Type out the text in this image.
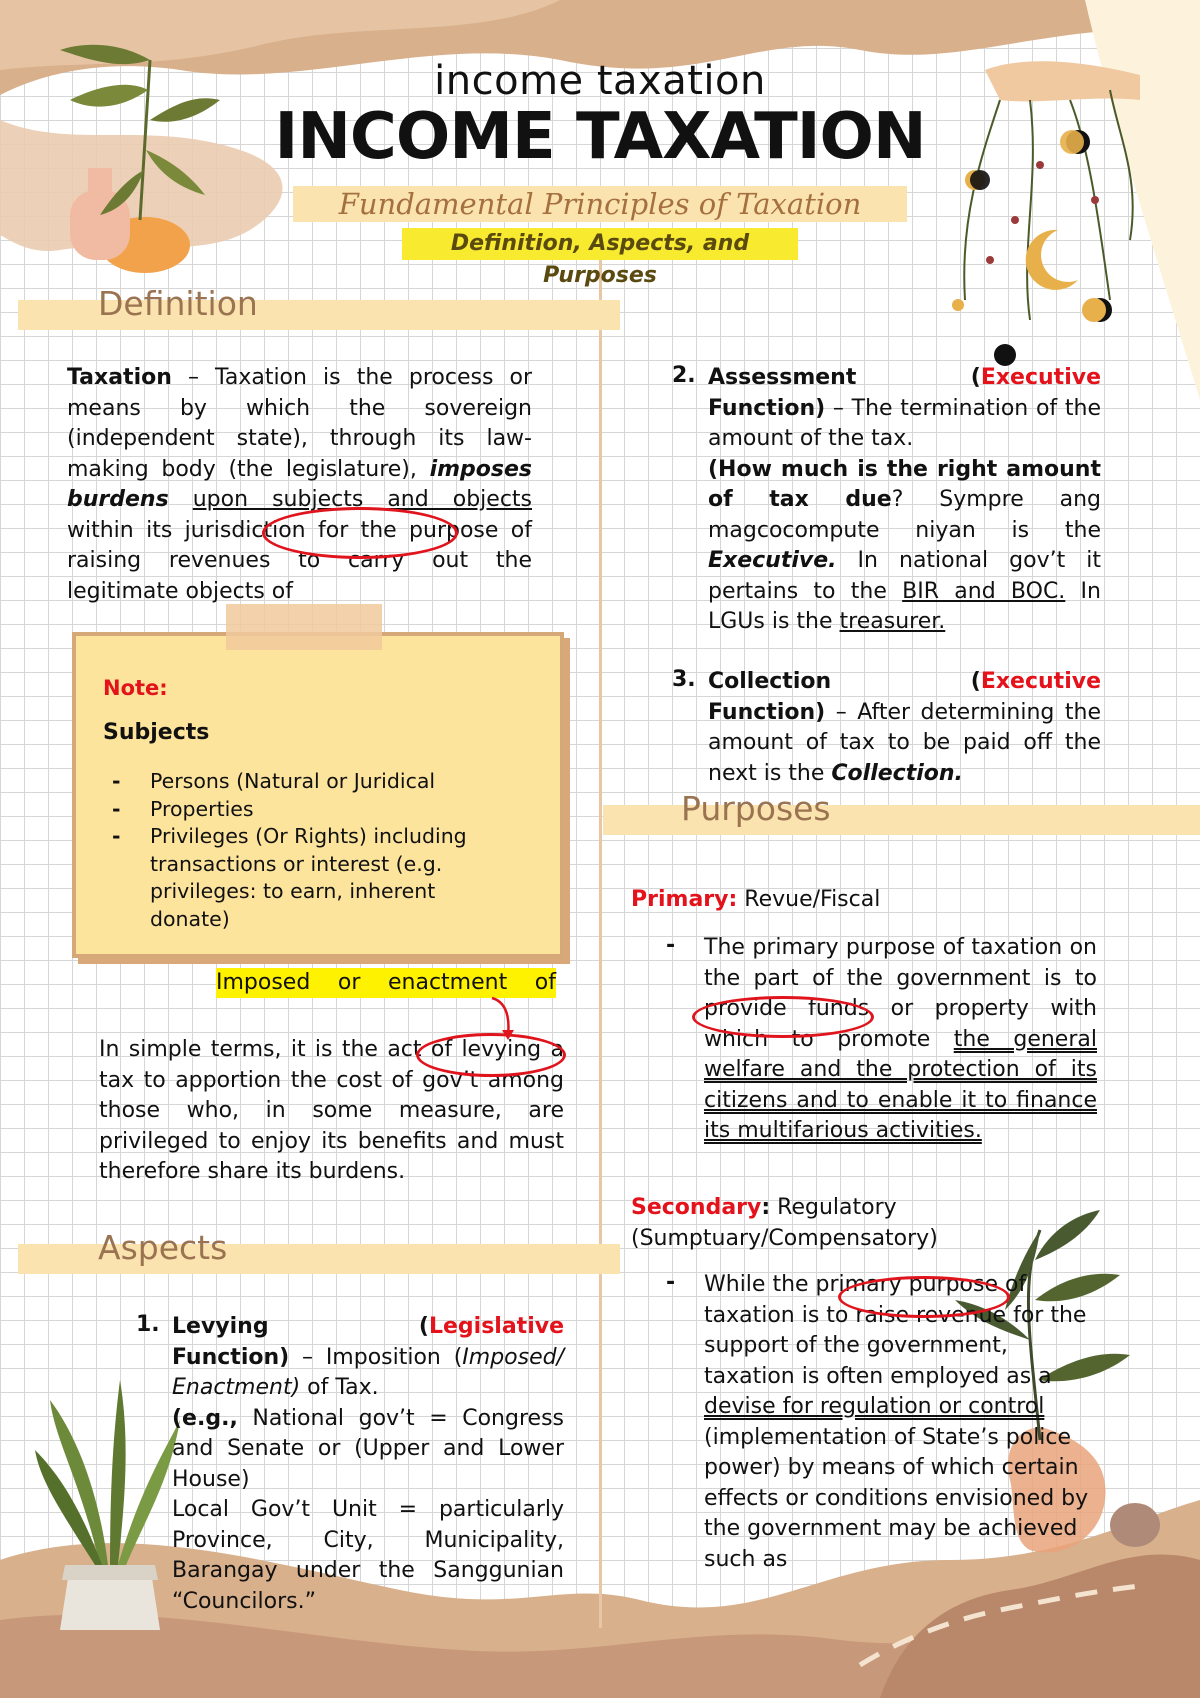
income taxation
INCOME TAXATION
Fundamental Principles of Taxation
Definition, Aspects, and Purposes
Definition
Taxation – Taxation is the process or means by which the sovereign (independent state), through its law-making body (the legislature), imposes burdens upon subjects and objects within its jurisdiction for the purpose of raising revenues to carry out the legitimate objects of
Note:
Subjects
- Persons (Natural or Juridical
- Properties
- Privileges (Or Rights) including transactions or interest (e.g. privileges: to earn, inherent donate)
Imposed or enactment of
In simple terms, it is the act of levying a tax to apportion the cost of gov’t among those who, in some measure, are privileged to enjoy its benefits and must therefore share its burdens.
Aspects
1. Levying	(Legislative
Function) – Imposition (Imposed/ Enactment) of Tax.
(e.g., National gov’t = Congress and Senate or (Upper and Lower House)
Local Gov’t Unit = particularly Province, City, Municipality, Barangay under the Sanggunian “Councilors.”
2. Assessment	(Executive
Function) – The termination of the amount of the tax.
(How much is the right amount of tax due? Sympre ang magcocompute niyan is the Executive. In national gov’t it pertains to the BIR and BOC. In LGUs is the treasurer.
3. Collection	(Executive
Function) – After determining the amount of tax to be paid off the next is the Collection.
Purposes
Primary: Revue/Fiscal
- The primary purpose of taxation on the part of the government is to provide funds or property with which to promote the general welfare and the protection of its citizens and to enable it to finance its multifarious activities.
Secondary: Regulatory (Sumptuary/Compensatory)
- While the primary purpose of taxation is to raise revenue for the support of the government, taxation is often employed as a devise for regulation or control (implementation of State’s police power) by means of which certain effects or conditions envisioned by the government may be achieved such as
